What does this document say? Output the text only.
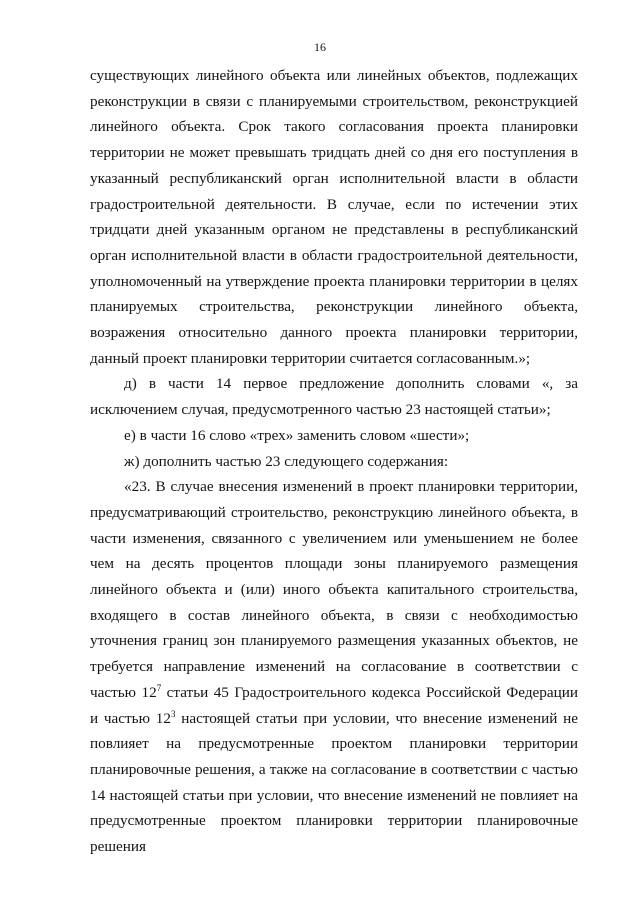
16

существующих линейного объекта или линейных объектов, подлежащих реконструкции в связи с планируемыми строительством, реконструкцией линейного объекта. Срок такого согласования проекта планировки территории не может превышать тридцать дней со дня его поступления в указанный республиканский орган исполнительной власти в области градостроительной деятельности. В случае, если по истечении этих тридцати дней указанным органом не представлены в республиканский орган исполнительной власти в области градостроительной деятельности, уполномоченный на утверждение проекта планировки территории в целях планируемых строительства, реконструкции линейного объекта, возражения относительно данного проекта планировки территории, данный проект планировки территории считается согласованным.»;

д) в части 14 первое предложение дополнить словами «, за исключением случая, предусмотренного частью 23 настоящей статьи»;

е) в части 16 слово «трех» заменить словом «шести»;

ж) дополнить частью 23 следующего содержания:

«23. В случае внесения изменений в проект планировки территории, предусматривающий строительство, реконструкцию линейного объекта, в части изменения, связанного с увеличением или уменьшением не более чем на десять процентов площади зоны планируемого размещения линейного объекта и (или) иного объекта капитального строительства, входящего в состав линейного объекта, в связи с необходимостью уточнения границ зон планируемого размещения указанных объектов, не требуется направление изменений на согласование в соответствии с частью $12^7$ статьи 45 Градостроительного кодекса Российской Федерации и частью $12^3$ настоящей статьи при условии, что внесение изменений не повлияет на предусмотренные проектом планировки территории планировочные решения, а также на согласование в соответствии с частью 14 настоящей статьи при условии, что внесение изменений не повлияет на предусмотренные проектом планировки территории планировочные решения
